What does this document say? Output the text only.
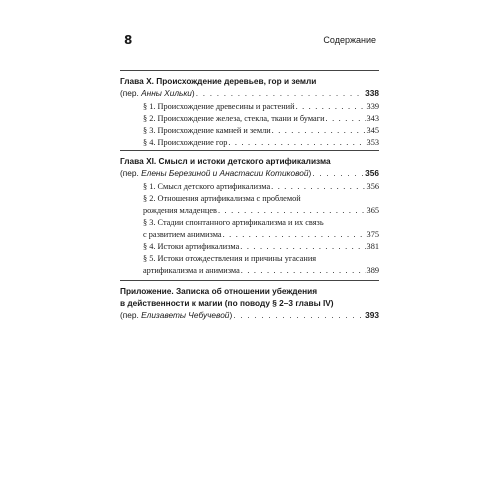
8	Содержание
Глава X. Происхождение деревьев, гор и земли
(пер. Анны Хильки) . . .	338
§ 1. Происхождение древесины и растений . . .	339
§ 2. Происхождение железа, стекла, ткани и бумаги . . .	343
§ 3. Происхождение камней и земли . . .	345
§ 4. Происхождение гор . . .	353
Глава XI. Смысл и истоки детского артификализма
(пер. Елены Березиной и Анастасии Котиковой) . . .	356
§ 1. Смысл детского артификализма . . .	356
§ 2. Отношения артификализма с проблемой
рождения младенцев . . .	365
§ 3. Стадии спонтанного артификализма и их связь
с развитием анимизма . . .	375
§ 4. Истоки артификализма . . .	381
§ 5. Истоки отождествления и причины угасания
артификализма и анимизма . . .	389
Приложение. Записка об отношении убеждения
в действенности к магии (по поводу § 2–3 главы IV)
(пер. Елизаветы Чебучевой) . . .	393
